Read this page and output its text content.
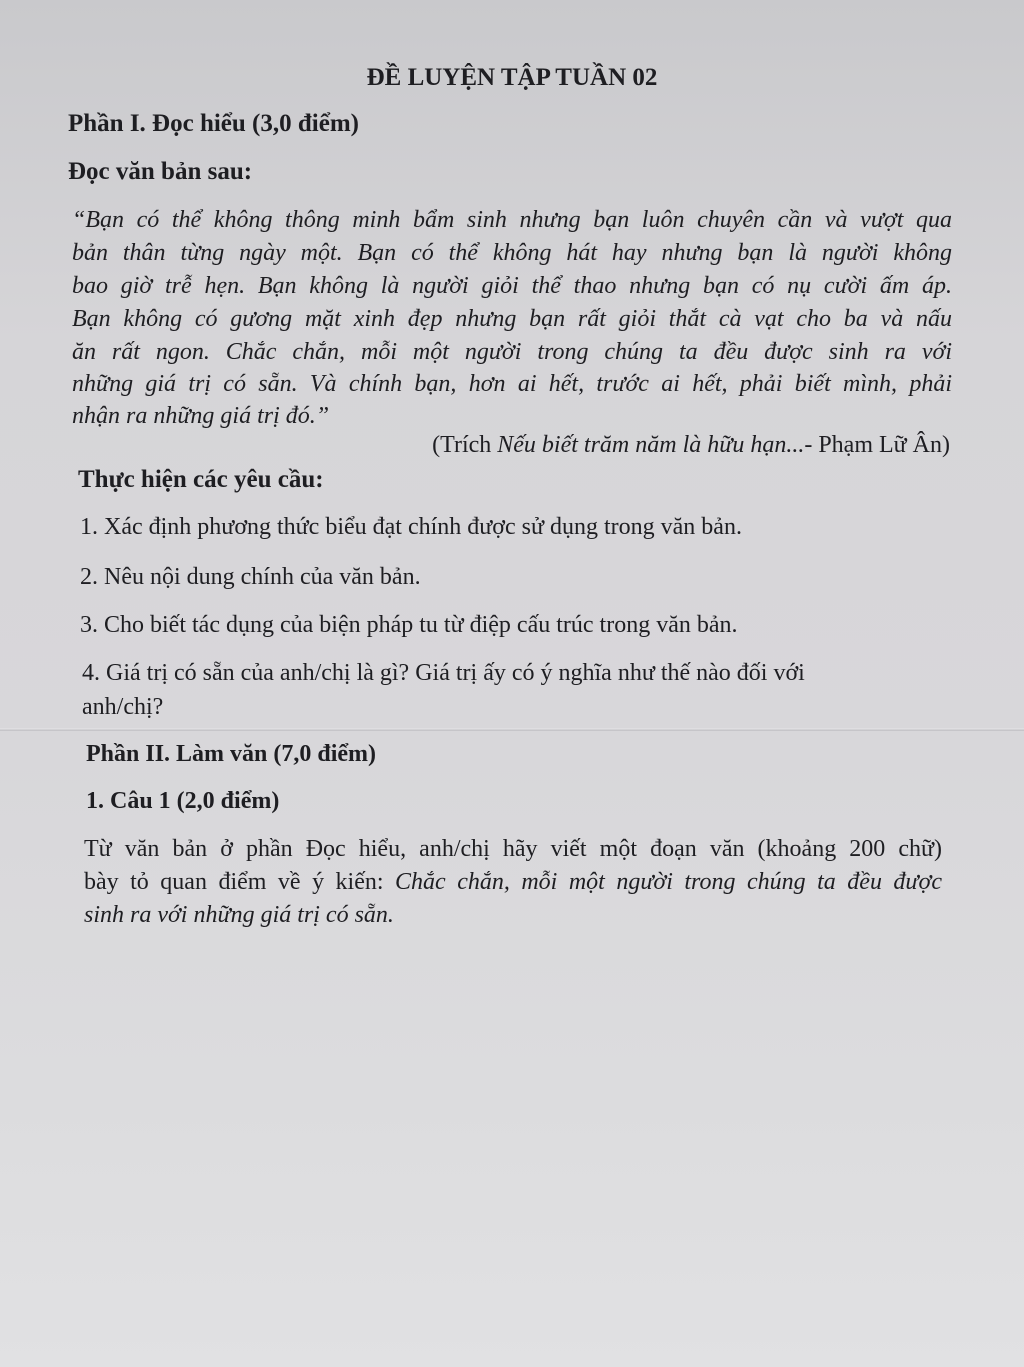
ĐỀ LUYỆN TẬP TUẦN 02
Phần I. Đọc hiểu (3,0 điểm)
Đọc văn bản sau:
“Bạn có thể không thông minh bẩm sinh nhưng bạn luôn chuyên cần và vượt qua
bản thân từng ngày một. Bạn có thể không hát hay nhưng bạn là người không
bao giờ trễ hẹn. Bạn không là người giỏi thể thao nhưng bạn có nụ cười ấm áp.
Bạn không có gương mặt xinh đẹp nhưng bạn rất giỏi thắt cà vạt cho ba và nấu
ăn rất ngon. Chắc chắn, mỗi một người trong chúng ta đều được sinh ra với
những giá trị có sẵn. Và chính bạn, hơn ai hết, trước ai hết, phải biết mình, phải
nhận ra những giá trị đó.”
(Trích Nếu biết trăm năm là hữu hạn...- Phạm Lữ Ân)
Thực hiện các yêu cầu:
1. Xác định phương thức biểu đạt chính được sử dụng trong văn bản.
2. Nêu nội dung chính của văn bản.
3. Cho biết tác dụng của biện pháp tu từ điệp cấu trúc trong văn bản.
4. Giá trị có sẵn của anh/chị là gì? Giá trị ấy có ý nghĩa như thế nào đối với
anh/chị?
Phần II. Làm văn (7,0 điểm)
1. Câu 1 (2,0 điểm)
Từ văn bản ở phần Đọc hiểu, anh/chị hãy viết một đoạn văn (khoảng 200 chữ)
bày tỏ quan điểm về ý kiến: Chắc chắn, mỗi một người trong chúng ta đều được
sinh ra với những giá trị có sẵn.
